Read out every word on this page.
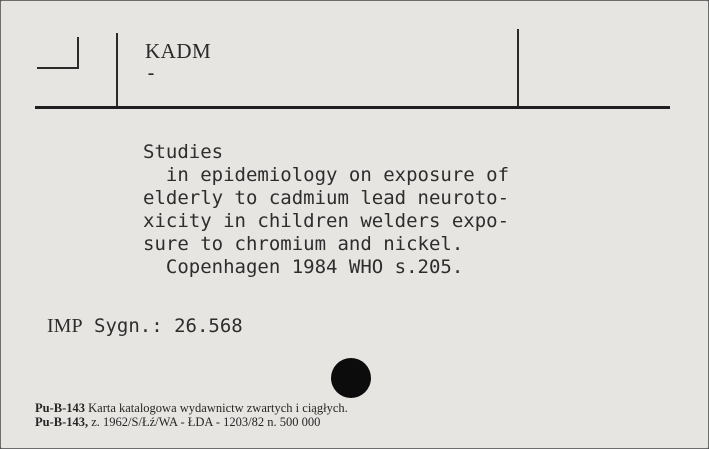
KADM
-
Studies
in epidemiology on exposure of
elderly to cadmium lead neurotо-
xicity in children welders expo-
sure to chromium and nickel.
Copenhagen 1984 WHO s.205.
IMP Sygn.: 26.568
Pu-B-143 Karta katalogowa wydawnictw zwartych i ciągłych.
Pu-B-143, z. 1962/S/Łź/WA - ŁDA - 1203/82 n. 500 000
